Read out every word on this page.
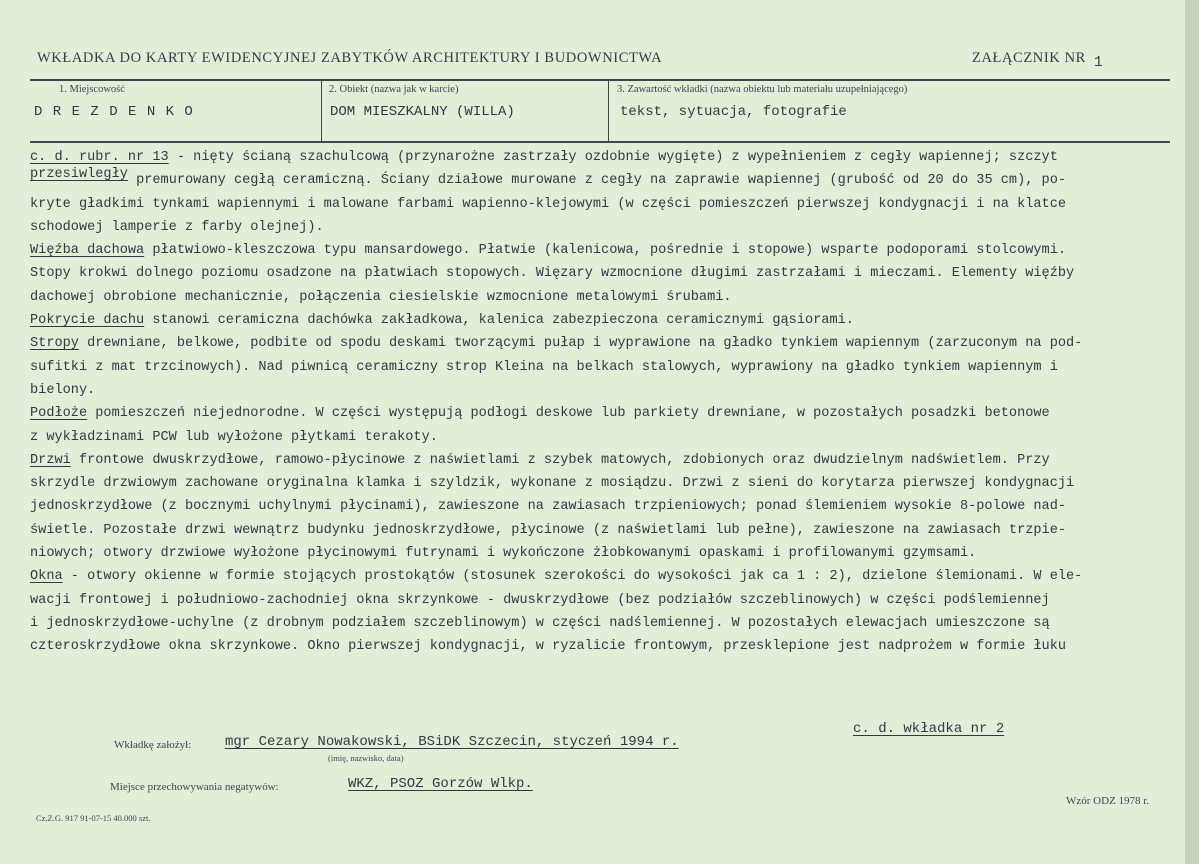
WKŁADKA DO KARTY EWIDENCYJNEJ ZABYTKÓW ARCHITEKTURY I BUDOWNICTWA	ZAŁĄCZNIK NR 1
1. Miejscowość
D R E Z D E N K O
2. Obiekt (nazwa jak w karcie)
DOM MIESZKALNY (WILLA)
3. Zawartość wkładki (nazwa obiektu lub materiału uzupełniającego)
tekst, sytuacja, fotografie
c. d. rubr. nr 13 - nięty ścianą szachulcową (przynarożne zastrzały ozdobnie wygięte) z wypełnieniem z cegły wapiennej; szczyt
przesiwległy premurowany cegłą ceramiczną. Ściany działowe murowane z cegły na zaprawie wapiennej (grubość od 20 do 35 cm), po-
kryte gładkimi tynkami wapiennymi i malowane farbami wapienno-klejowymi (w części pomieszczeń pierwszej kondygnacji i na klatce
schodowej lamperie z farby olejnej).
Więźba dachowa płatwiowo-kleszczowa typu mansardowego. Płatwie (kalenicowa, pośrednie i stopowe) wsparte podoporami stolcowymi.
Stopy krokwi dolnego poziomu osadzone na płatwiach stopowych. Więzary wzmocnione długimi zastrzałami i mieczami. Elementy więźby
dachowej obrobione mechanicznie, połączenia ciesielskie wzmocnione metalowymi śrubami.
Pokrycie dachu stanowi ceramiczna dachówka zakładkowa, kalenica zabezpieczona ceramicznymi gąsiorami.
Stropy drewniane, belkowe, podbite od spodu deskami tworzącymi pułap i wyprawione na gładko tynkiem wapiennym (zarzuconym na pod-
sufitki z mat trzcinowych). Nad piwnicą ceramiczny strop Kleina na belkach stalowych, wyprawiony na gładko tynkiem wapiennym i
bielony.
Podłoże pomieszczeń niejednorodne. W części występują podłogi deskowe lub parkiety drewniane, w pozostałych posadzki betonowe
z wykładzinami PCW lub wyłożone płytkami terakoty.
Drzwi frontowe dwuskrzydłowe, ramowo-płycinowe z naświetlami z szybek matowych, zdobionych oraz dwudzielnym nadświetlem. Przy
skrzydle drzwiowym zachowane oryginalna klamka i szyldzik, wykonane z mosiądzu. Drzwi z sieni do korytarza pierwszej kondygnacji
jednoskrzydłowe (z bocznymi uchylnymi płycinami), zawieszone na zawiasach trzpieniowych; ponad ślemieniem wysokie 8-polowe nad-
świetle. Pozostałe drzwi wewnątrz budynku jednoskrzydłowe, płycinowe (z naświetlami lub pełne), zawieszone na zawiasach trzpie-
niowych; otwory drzwiowe wyłożone płycinowymi futrynami i wykończone żłobkowanymi opaskami i profilowanymi gzymsami.
Okna - otwory okienne w formie stojących prostokątów (stosunek szerokości do wysokości jak ca 1 : 2), dzielone ślemionami. W ele-
wacji frontowej i południowo-zachodniej okna skrzynkowe - dwuskrzydłowe (bez podziałów szczeblinowych) w części podślemiennej
i jednoskrzydłowe-uchylne (z drobnym podziałem szczeblinowym) w części nadślemiennej. W pozostałych elewacjach umieszczone są
czteroskrzydłowe okna skrzynkowe. Okno pierwszej kondygnacji, w ryzalicie frontowym, przesklepione jest nadprożem w formie łuku
c. d. wkładka nr 2
Wkładkę założył: mgr Cezary Nowakowski, BSiDK Szczecin, styczeń 1994 r.
(imię, nazwisko, data)
Miejsce przechowywania negatywów:	WKZ, PSOZ Gorzów Wlkp.
Cz.Z.G. 917 91-07-15 40.000 szt.
Wzór ODZ 1978 r.
